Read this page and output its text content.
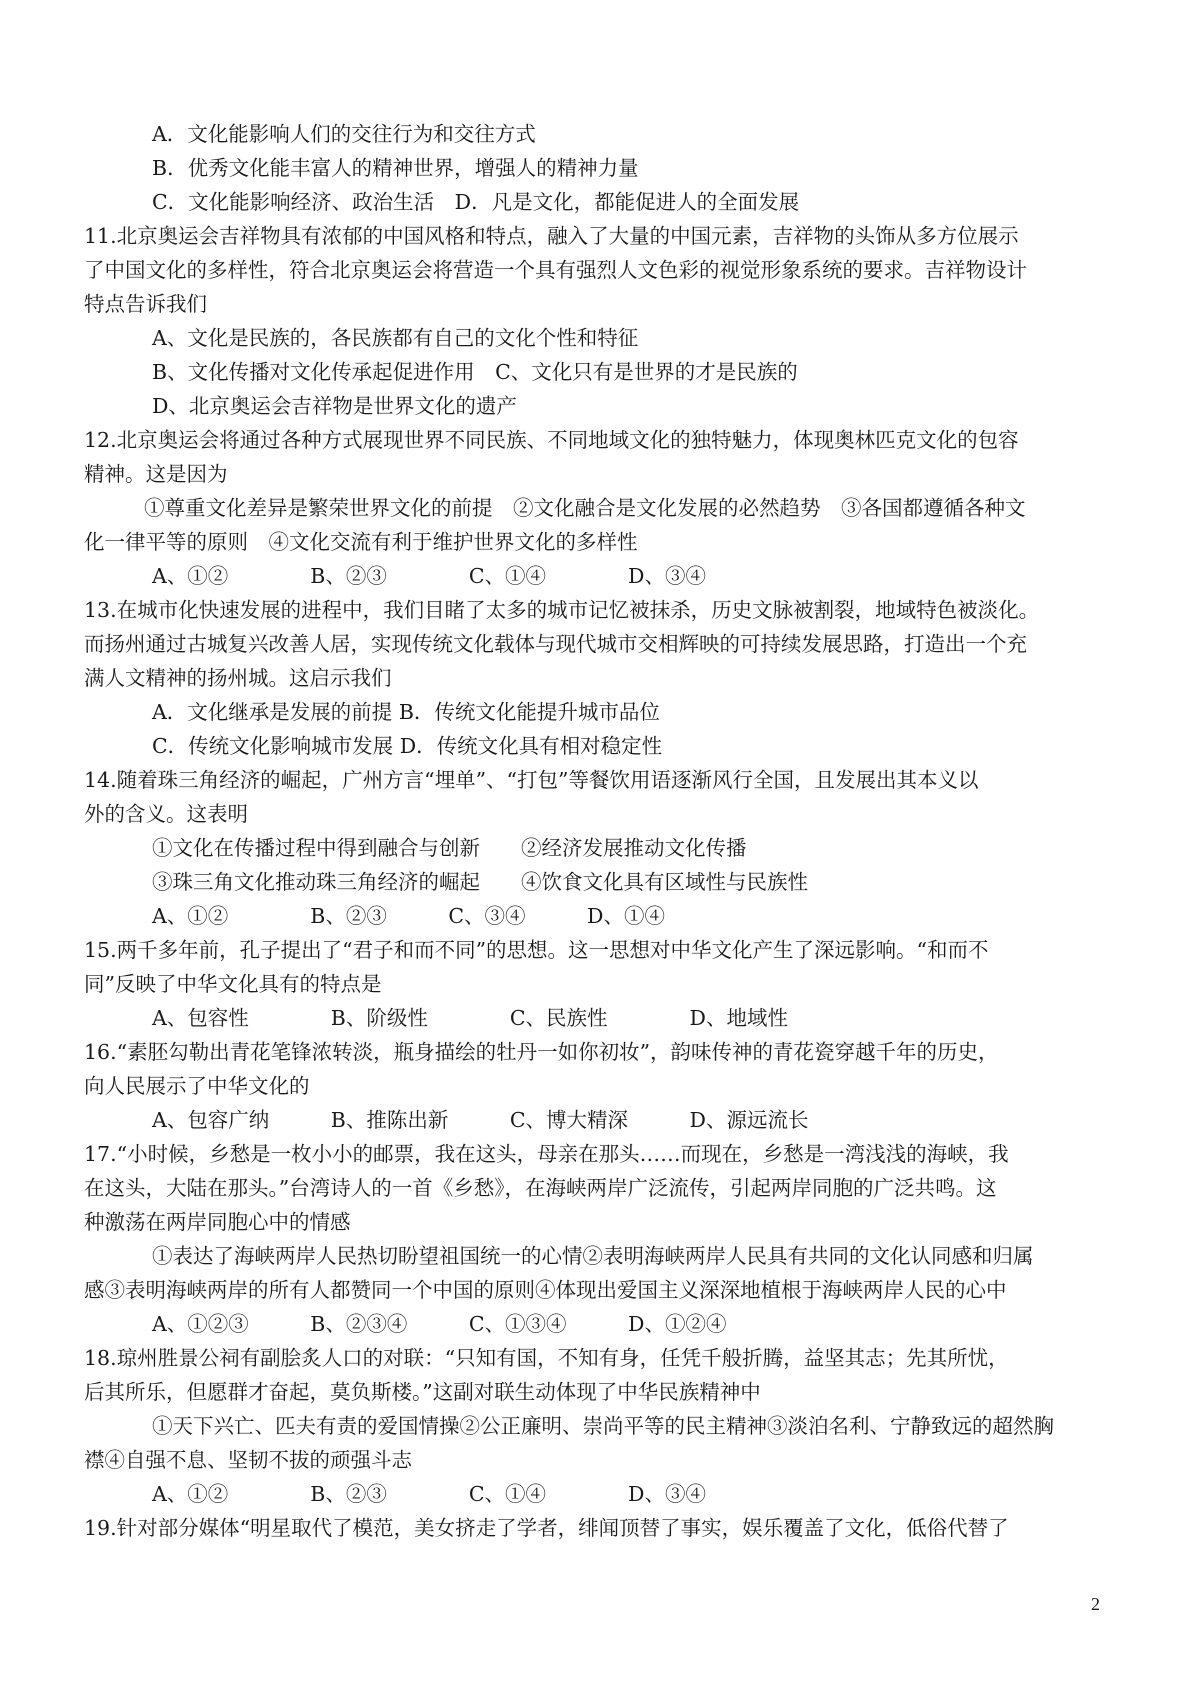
A．文化能影响人们的交往行为和交往方式
B．优秀文化能丰富人的精神世界，增强人的精神力量
C．文化能影响经济、政治生活　D．凡是文化，都能促进人的全面发展
11.北京奥运会吉祥物具有浓郁的中国风格和特点，融入了大量的中国元素，吉祥物的头饰从多方位展示
了中国文化的多样性，符合北京奥运会将营造一个具有强烈人文色彩的视觉形象系统的要求。吉祥物设计
特点告诉我们
A、文化是民族的，各民族都有自己的文化个性和特征
B、文化传播对文化传承起促进作用　C、文化只有是世界的才是民族的
D、北京奥运会吉祥物是世界文化的遗产
12.北京奥运会将通过各种方式展现世界不同民族、不同地域文化的独特魅力，体现奥林匹克文化的包容
精神。这是因为
①尊重文化差异是繁荣世界文化的前提　②文化融合是文化发展的必然趋势　③各国都遵循各种文
化一律平等的原则　④文化交流有利于维护世界文化的多样性
A、①②　　　　B、②③　　　　C、①④　　　　D、③④
13.在城市化快速发展的进程中，我们目睹了太多的城市记忆被抹杀，历史文脉被割裂，地域特色被淡化。
而扬州通过古城复兴改善人居，实现传统文化载体与现代城市交相辉映的可持续发展思路，打造出一个充
满人文精神的扬州城。这启示我们
A．文化继承是发展的前提 B．传统文化能提升城市品位
C．传统文化影响城市发展 D．传统文化具有相对稳定性
14.随着珠三角经济的崛起，广州方言“埋单”、“打包”等餐饮用语逐渐风行全国，且发展出其本义以
外的含义。这表明
①文化在传播过程中得到融合与创新　　②经济发展推动文化传播
③珠三角文化推动珠三角经济的崛起　　④饮食文化具有区域性与民族性
A、①②　　　　B、②③　　　C、③④　　　D、①④
15.两千多年前，孔子提出了“君子和而不同”的思想。这一思想对中华文化产生了深远影响。“和而不
同”反映了中华文化具有的特点是
A、包容性　　　　B、阶级性　　　　C、民族性　　　　D、地域性
16.“素胚勾勒出青花笔锋浓转淡，瓶身描绘的牡丹一如你初妆”，韵味传神的青花瓷穿越千年的历史，
向人民展示了中华文化的
A、包容广纳　　　B、推陈出新　　　C、博大精深　　　D、源远流长
17.“小时候，乡愁是一枚小小的邮票，我在这头，母亲在那头……而现在，乡愁是一湾浅浅的海峡，我
在这头，大陆在那头。”台湾诗人的一首《乡愁》，在海峡两岸广泛流传，引起两岸同胞的广泛共鸣。这
种激荡在两岸同胞心中的情感
①表达了海峡两岸人民热切盼望祖国统一的心情②表明海峡两岸人民具有共同的文化认同感和归属
感③表明海峡两岸的所有人都赞同一个中国的原则④体现出爱国主义深深地植根于海峡两岸人民的心中
A、①②③　　　B、②③④　　　C、①③④　　　D、①②④
18.琼州胜景公祠有副脍炙人口的对联：“只知有国，不知有身，任凭千般折腾，益坚其志；先其所忧，
后其所乐，但愿群才奋起，莫负斯楼。”这副对联生动体现了中华民族精神中
①天下兴亡、匹夫有责的爱国情操②公正廉明、崇尚平等的民主精神③淡泊名利、宁静致远的超然胸
襟④自强不息、坚韧不拔的顽强斗志
A、①②　　　　B、②③　　　　C、①④　　　　D、③④
19.针对部分媒体“明星取代了模范，美女挤走了学者，绯闻顶替了事实，娱乐覆盖了文化，低俗代替了
2
